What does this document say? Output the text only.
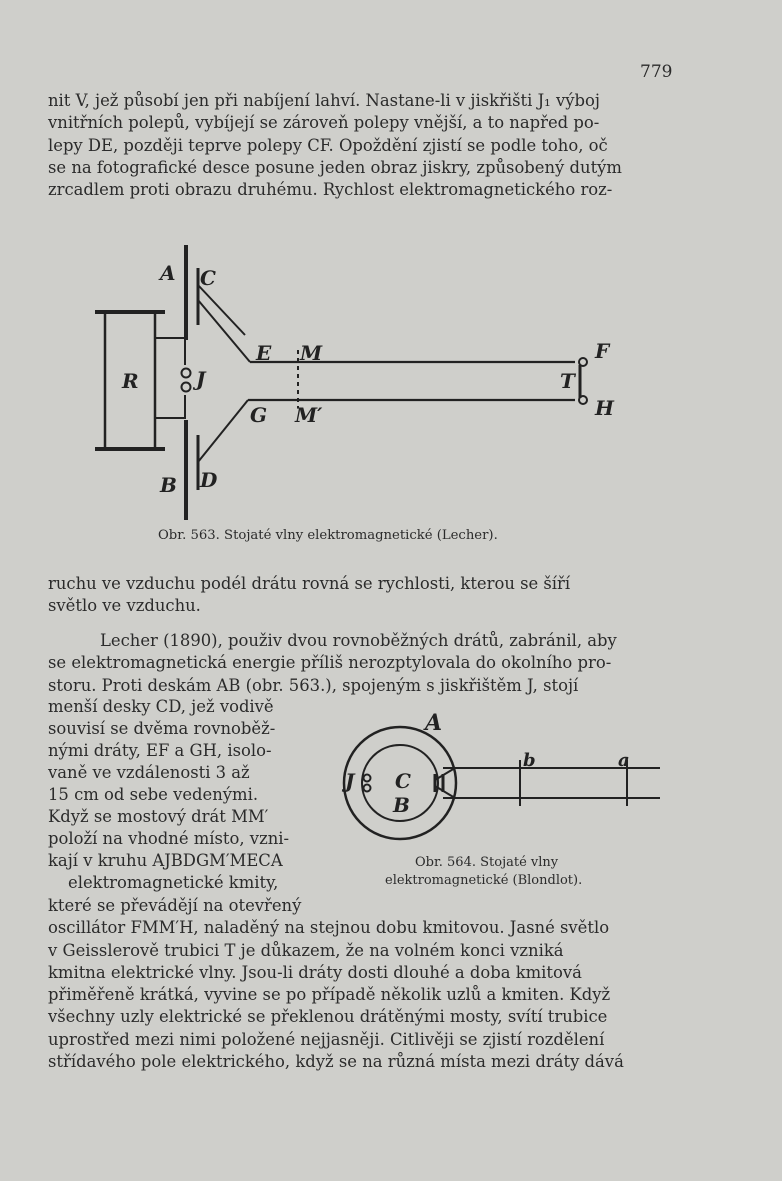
779
nit V, jež působí jen při nabíjení lahví. Nastane-li v jiskřišti J₁ výboj
vnitřních polepů, vybíjejí se zároveň polepy vnější, a to napřed po-
lepy DE, později teprve polepy CF. Opoždění zjistí se podle toho, oč
se na fotografické desce posune jeden obraz jiskry, způsobený dutým
zrcadlem proti obrazu druhému. Rychlost elektromagnetického roz-
A C
E M	F
R	J	T
G M′	H
B D
Obr. 563. Stojaté vlny elektromagnetické (Lecher).
ruchu ve vzduchu podél drátu rovná se rychlosti, kterou se šíří
světlo ve vzduchu.
Lecher (1890), použiv dvou rovnoběžných drátů, zabránil, aby
se elektromagnetická energie příliš nerozptylovala do okolního pro-
storu. Proti deskám AB (obr. 563.), spojeným s jiskřištěm J, stojí
menší desky CD, jež vodivě
souvisí se dvěma rovnoběž-
nými dráty, EF a GH, isolo-
vaně ve vzdálenosti 3 až
15 cm od sebe vedenými.
Když se mostový drát MM′
položí na vhodné místo, vzni-
kají v kruhu AJBDGM′MECA
elektromagnetické kmity,
A
J C
B
b	a
Obr. 564. Stojaté vlny
elektromagnetické (Blondlot).
které se převádějí na otevřený
oscillátor FMM′H, naladěný na stejnou dobu kmitovou. Jasné světlo
v Geisslerově trubici T je důkazem, že na volném konci vzniká
kmitna elektrické vlny. Jsou-li dráty dosti dlouhé a doba kmitová
přiměřeně krátká, vyvine se po případě několik uzlů a kmiten. Když
všechny uzly elektrické se překlenou drátěnými mosty, svítí trubice
uprostřed mezi nimi položené nejjasněji. Citlivěji se zjistí rozdělení
střídavého pole elektrického, když se na různá místa mezi dráty dává
